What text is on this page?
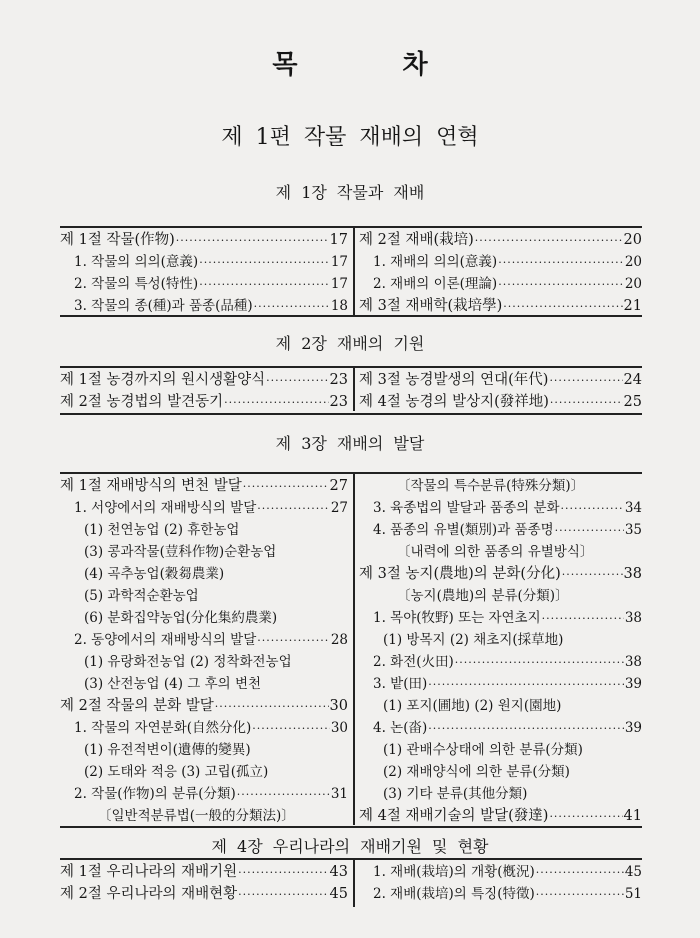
목 차
제 1편 작물 재배의 연혁
제 1장 작물과 재배
제 1절 작물(作物) ·····	17
1. 작물의 의의(意義) ·····	17
2. 작물의 특성(特性) ·····	17
3. 작물의 종(種)과 품종(品種) ·····	18
제 2절 재배(栽培) ·····	20
1. 재배의 의의(意義) ·····	20
2. 재배의 이론(理論) ·····	20
제 3절 재배학(栽培學) ·····	21
제 2장 재배의 기원
제 1절 농경까지의 원시생활양식 ·····	23
제 2절 농경법의 발견동기 ·····	23
제 3절 농경발생의 연대(年代) ·····	24
제 4절 농경의 발상지(發祥地) ·····	25
제 3장 재배의 발달
제 1절 재배방식의 변천 발달 ·····	27
1. 서양에서의 재배방식의 발달 ·····	27
(1) 천연농업 (2) 휴한농업
(3) 콩과작물(荳科作物)순환농업
(4) 곡추농업(穀芻農業)
(5) 과학적순환농업
(6) 분화집약농업(分化集約農業)
2. 동양에서의 재배방식의 발달 ·····	28
(1) 유랑화전농업 (2) 정착화전농업
(3) 산전농업 (4) 그 후의 변천
제 2절 작물의 분화 발달 ·····	30
1. 작물의 자연분화(自然分化) ·····	30
(1) 유전적변이(遺傳的變異)
(2) 도태와 적응 (3) 고립(孤立)
2. 작물(作物)의 분류(分類) ·····	31
〔일반적분류법(一般的分類法)〕
〔작물의 특수분류(特殊分類)〕
3. 육종법의 발달과 품종의 분화 ·····	34
4. 품종의 유별(類別)과 품종명 ·····	35
〔내력에 의한 품종의 유별방식〕
제 3절 농지(農地)의 분화(分化) ·····	38
〔농지(農地)의 분류(分類)〕
1. 목야(牧野) 또는 자연초지 ·····	38
(1) 방목지 (2) 채초지(採草地)
2. 화전(火田) ·····	38
3. 밭(田) ·····	39
(1) 포지(圃地) (2) 원지(園地)
4. 논(畓) ·····	39
(1) 관배수상태에 의한 분류(分類)
(2) 재배양식에 의한 분류(分類)
(3) 기타 분류(其他分類)
제 4절 재배기술의 발달(發達) ·····	41
제 4장 우리나라의 재배기원 및 현황
제 1절 우리나라의 재배기원 ·····	43
제 2절 우리나라의 재배현황 ·····	45
1. 재배(栽培)의 개황(槪況) ·····	45
2. 재배(栽培)의 특징(特徵) ·····	51
